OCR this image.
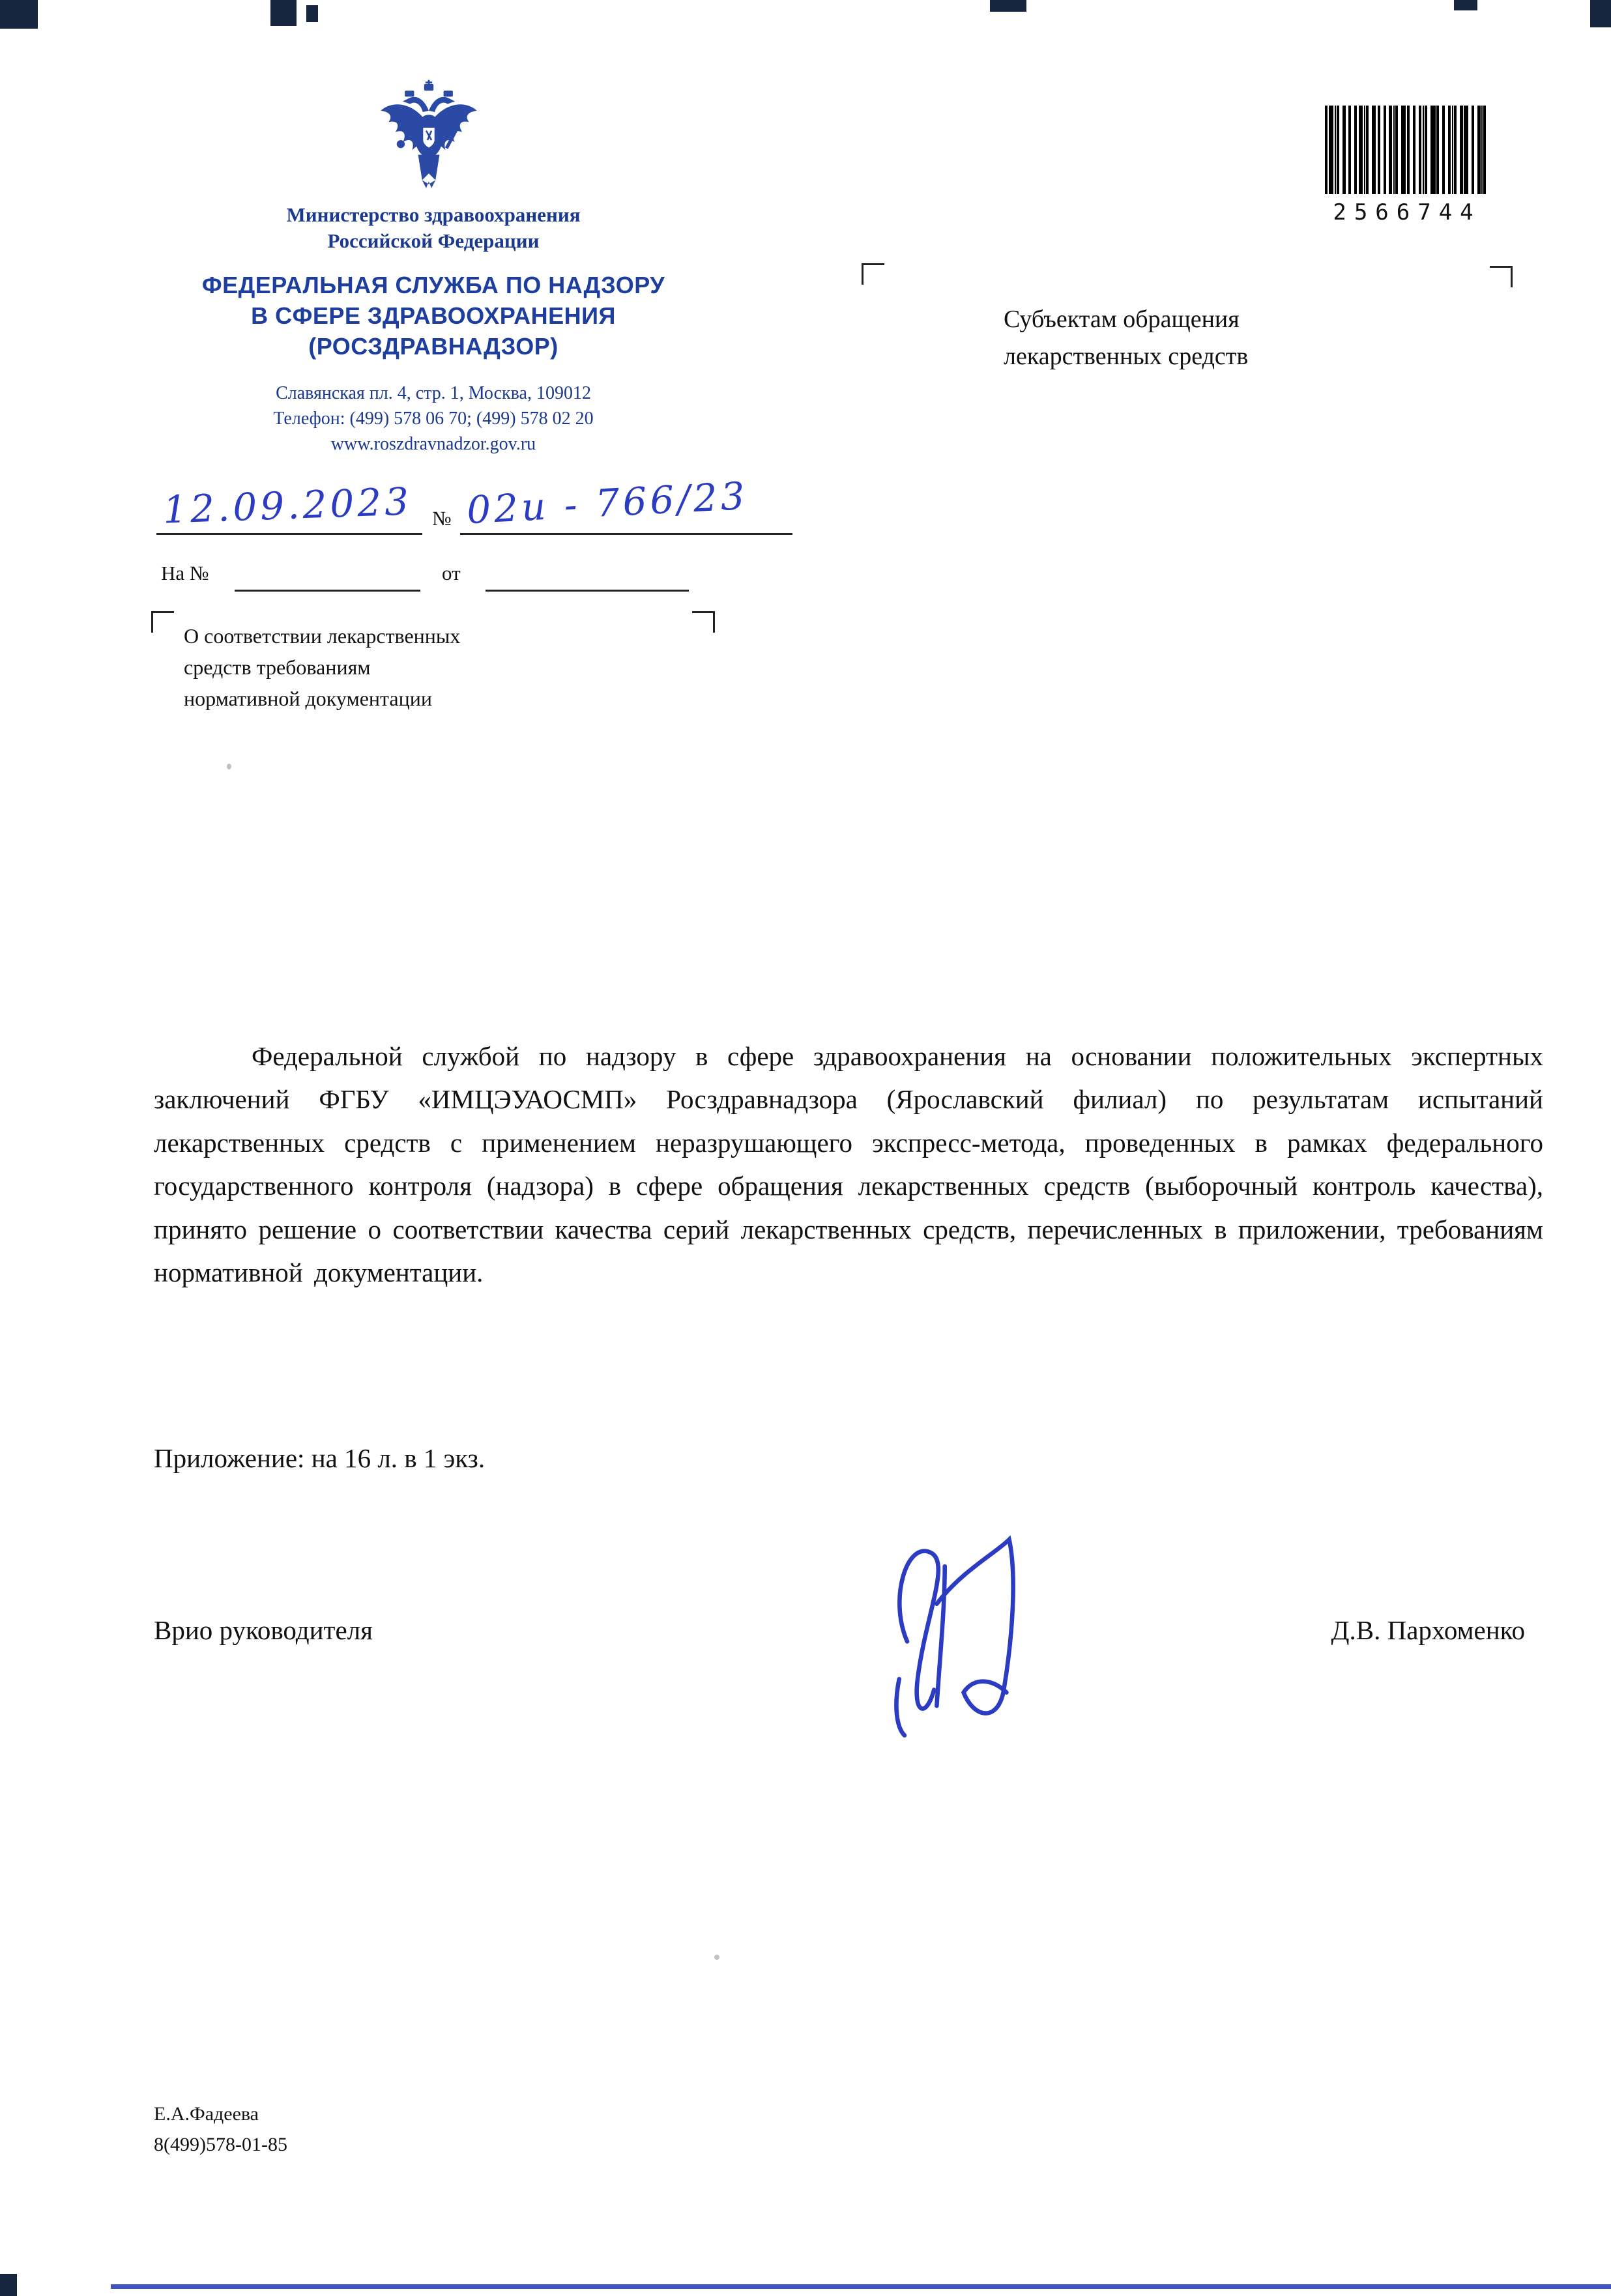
Министерство здравоохранения
Российской Федерации
ФЕДЕРАЛЬНАЯ СЛУЖБА ПО НАДЗОРУ
В СФЕРЕ ЗДРАВООХРАНЕНИЯ
(РОСЗДРАВНАДЗОР)
Славянская пл. 4, стр. 1, Москва, 109012
Телефон: (499) 578 06 70; (499) 578 02 20
www.roszdravnadzor.gov.ru
12.09.2023 № 02и - 766/23
На №	от
О соответствии лекарственных
средств требованиям
нормативной документации
2566744
Субъектам обращения
лекарственных средств
Федеральной службой по надзору в сфере здравоохранения на основании положительных экспертных заключений ФГБУ «ИМЦЭУАОСМП» Росздравнадзора (Ярославский филиал) по результатам испытаний лекарственных средств с применением неразрушающего экспресс-метода, проведенных в рамках федерального государственного контроля (надзора) в сфере обращения лекарственных средств (выборочный контроль качества), принято решение о соответствии качества серий лекарственных средств, перечисленных в приложении, требованиям нормативной документации.
Приложение: на 16 л. в 1 экз.
Врио руководителя	Д.В. Пархоменко
Е.А.Фадеева
8(499)578-01-85
